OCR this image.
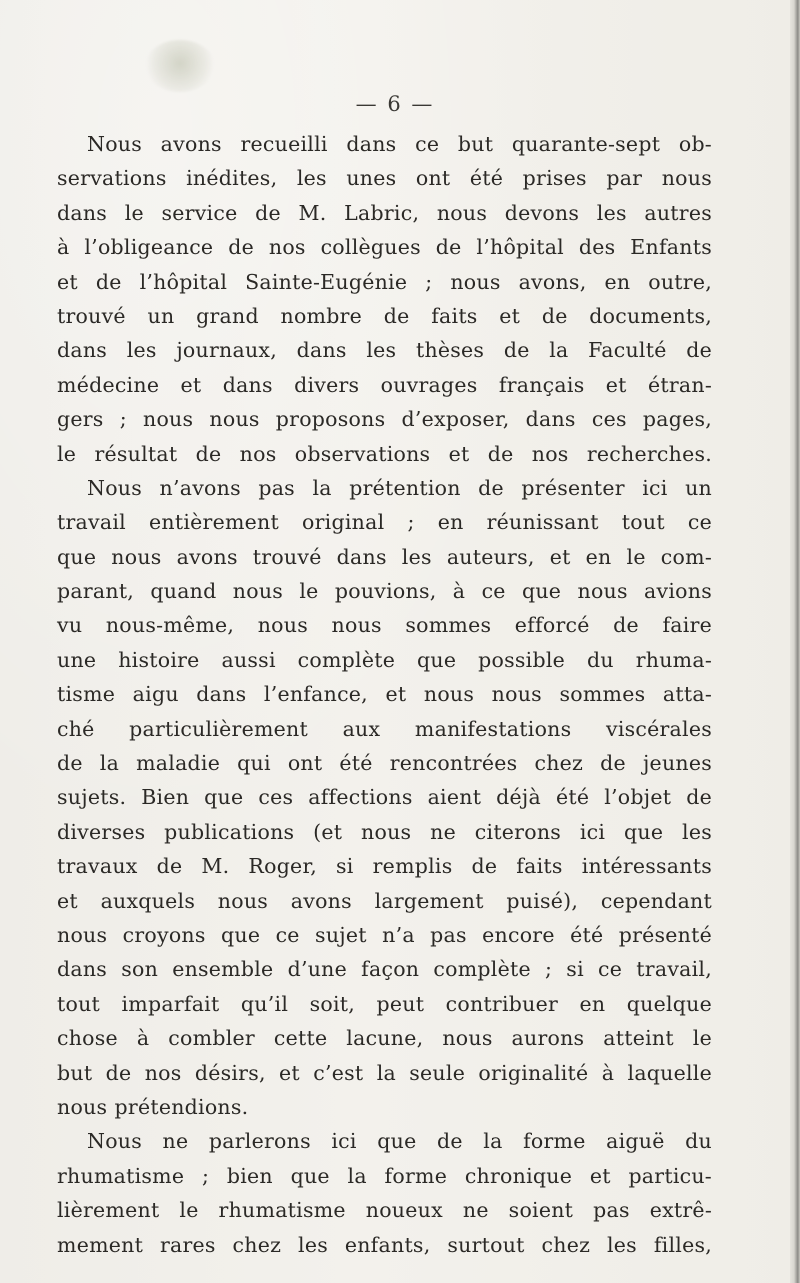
— 6 —
Nous avons recueilli dans ce but quarante-sept ob-
servations inédites, les unes ont été prises par nous
dans le service de M. Labric, nous devons les autres
à l’obligeance de nos collègues de l’hôpital des Enfants
et de l’hôpital Sainte-Eugénie ; nous avons, en outre,
trouvé un grand nombre de faits et de documents,
dans les journaux, dans les thèses de la Faculté de
médecine et dans divers ouvrages français et étran-
gers ; nous nous proposons d’exposer, dans ces pages,
le résultat de nos observations et de nos recherches.
Nous n’avons pas la prétention de présenter ici un
travail entièrement original ; en réunissant tout ce
que nous avons trouvé dans les auteurs, et en le com-
parant, quand nous le pouvions, à ce que nous avions
vu nous-même, nous nous sommes efforcé de faire
une histoire aussi complète que possible du rhuma-
tisme aigu dans l’enfance, et nous nous sommes atta-
ché particulièrement aux manifestations viscérales
de la maladie qui ont été rencontrées chez de jeunes
sujets. Bien que ces affections aient déjà été l’objet de
diverses publications (et nous ne citerons ici que les
travaux de M. Roger, si remplis de faits intéressants
et auxquels nous avons largement puisé), cependant
nous croyons que ce sujet n’a pas encore été présenté
dans son ensemble d’une façon complète ; si ce travail,
tout imparfait qu’il soit, peut contribuer en quelque
chose à combler cette lacune, nous aurons atteint le
but de nos désirs, et c’est la seule originalité à laquelle
nous prétendions.
Nous ne parlerons ici que de la forme aiguë du
rhumatisme ; bien que la forme chronique et particu-
lièrement le rhumatisme noueux ne soient pas extrê-
mement rares chez les enfants, surtout chez les filles,
